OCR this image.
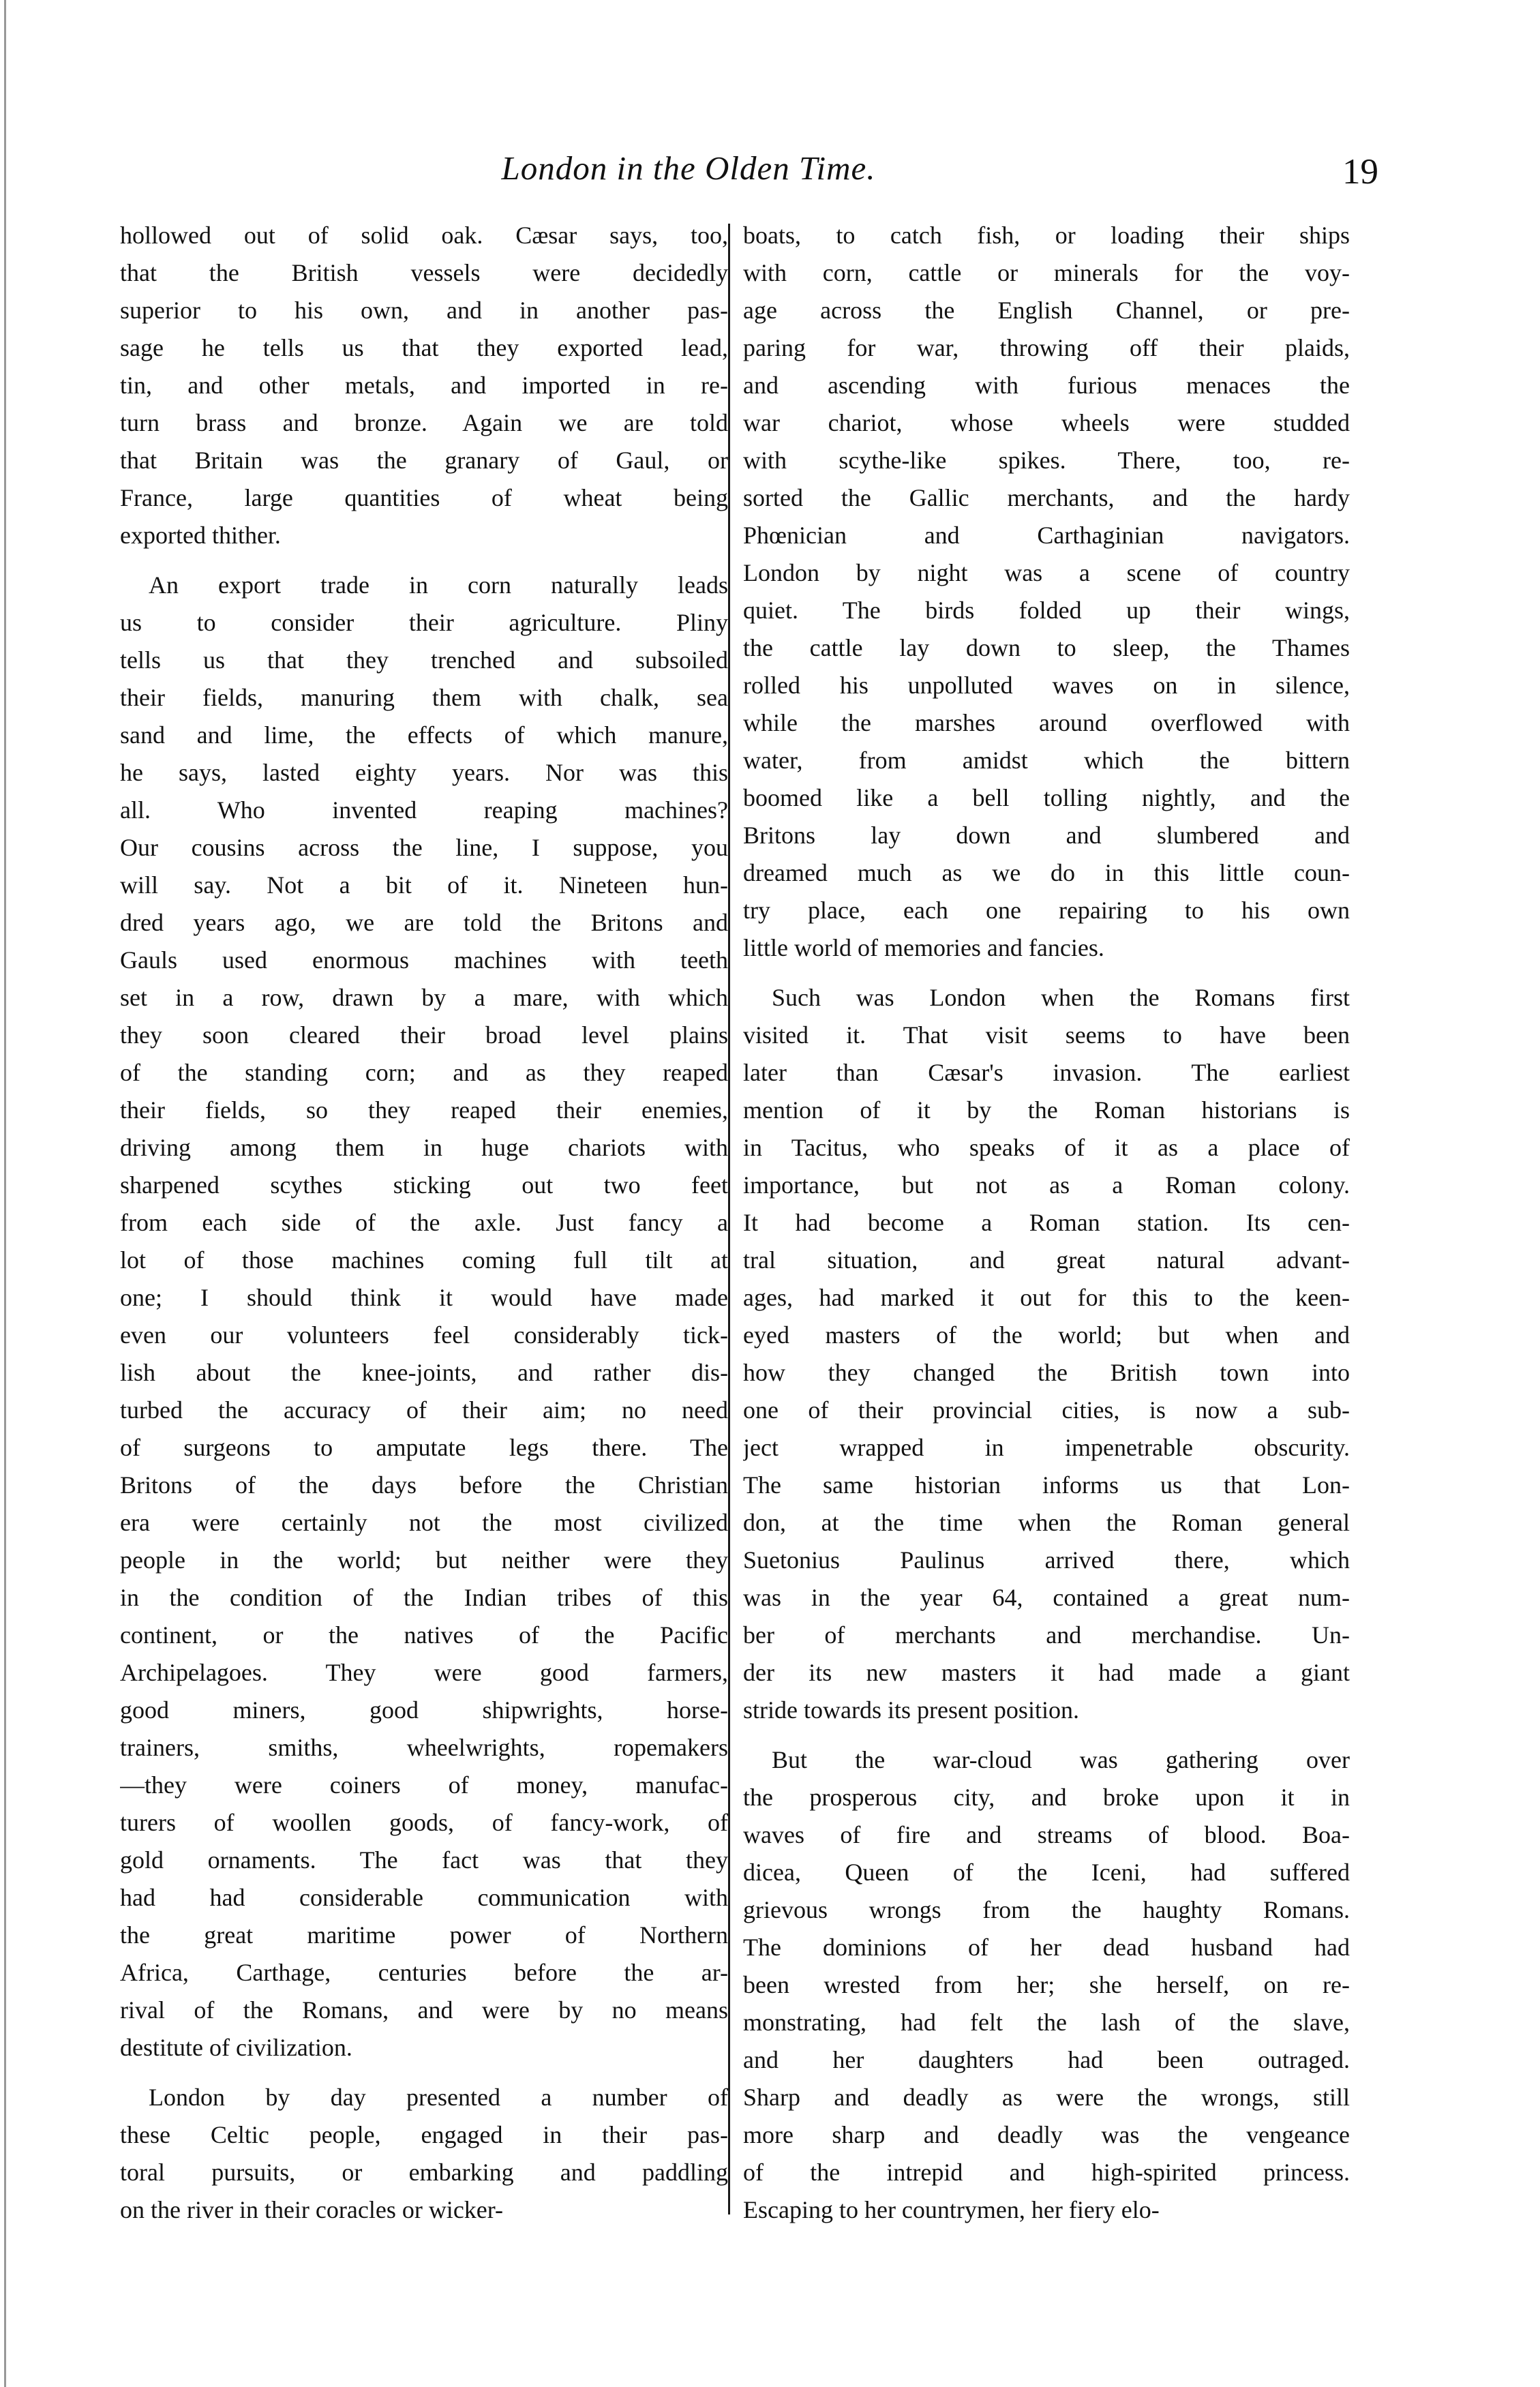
London in the Olden Time.	19
hollowed out of solid oak. Cæsar says, too,
that the British vessels were decidedly
superior to his own, and in another pas-
sage he tells us that they exported lead,
tin, and other metals, and imported in re-
turn brass and bronze. Again we are told
that Britain was the granary of Gaul, or
France, large quantities of wheat being
exported thither.
An export trade in corn naturally leads
us to consider their agriculture. Pliny
tells us that they trenched and subsoiled
their fields, manuring them with chalk, sea
sand and lime, the effects of which manure,
he says, lasted eighty years. Nor was this
all. Who invented reaping machines?
Our cousins across the line, I suppose, you
will say. Not a bit of it. Nineteen hun-
dred years ago, we are told the Britons and
Gauls used enormous machines with teeth
set in a row, drawn by a mare, with which
they soon cleared their broad level plains
of the standing corn; and as they reaped
their fields, so they reaped their enemies,
driving among them in huge chariots with
sharpened scythes sticking out two feet
from each side of the axle. Just fancy a
lot of those machines coming full tilt at
one; I should think it would have made
even our volunteers feel considerably tick-
lish about the knee-joints, and rather dis-
turbed the accuracy of their aim; no need
of surgeons to amputate legs there. The
Britons of the days before the Christian
era were certainly not the most civilized
people in the world; but neither were they
in the condition of the Indian tribes of this
continent, or the natives of the Pacific
Archipelagoes. They were good farmers,
good miners, good shipwrights, horse-
trainers, smiths, wheelwrights, ropemakers
—they were coiners of money, manufac-
turers of woollen goods, of fancy-work, of
gold ornaments. The fact was that they
had had considerable communication with
the great maritime power of Northern
Africa, Carthage, centuries before the ar-
rival of the Romans, and were by no means
destitute of civilization.
London by day presented a number of
these Celtic people, engaged in their pas-
toral pursuits, or embarking and paddling
on the river in their coracles or wicker-
boats, to catch fish, or loading their ships
with corn, cattle or minerals for the voy-
age across the English Channel, or pre-
paring for war, throwing off their plaids,
and ascending with furious menaces the
war chariot, whose wheels were studded
with scythe-like spikes. There, too, re-
sorted the Gallic merchants, and the hardy
Phœnician and Carthaginian navigators.
London by night was a scene of country
quiet. The birds folded up their wings,
the cattle lay down to sleep, the Thames
rolled his unpolluted waves on in silence,
while the marshes around overflowed with
water, from amidst which the bittern
boomed like a bell tolling nightly, and the
Britons lay down and slumbered and
dreamed much as we do in this little coun-
try place, each one repairing to his own
little world of memories and fancies.
Such was London when the Romans first
visited it. That visit seems to have been
later than Cæsar's invasion. The earliest
mention of it by the Roman historians is
in Tacitus, who speaks of it as a place of
importance, but not as a Roman colony.
It had become a Roman station. Its cen-
tral situation, and great natural advant-
ages, had marked it out for this to the keen-
eyed masters of the world; but when and
how they changed the British town into
one of their provincial cities, is now a sub-
ject wrapped in impenetrable obscurity.
The same historian informs us that Lon-
don, at the time when the Roman general
Suetonius Paulinus arrived there, which
was in the year 64, contained a great num-
ber of merchants and merchandise. Un-
der its new masters it had made a giant
stride towards its present position.
But the war-cloud was gathering over
the prosperous city, and broke upon it in
waves of fire and streams of blood. Boa-
dicea, Queen of the Iceni, had suffered
grievous wrongs from the haughty Romans.
The dominions of her dead husband had
been wrested from her; she herself, on re-
monstrating, had felt the lash of the slave,
and her daughters had been outraged.
Sharp and deadly as were the wrongs, still
more sharp and deadly was the vengeance
of the intrepid and high-spirited princess.
Escaping to her countrymen, her fiery elo-
